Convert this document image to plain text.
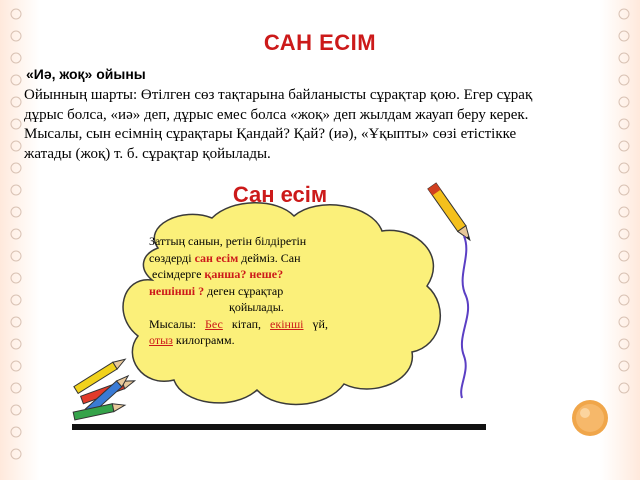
САН ЕСІМ
«Иә, жоқ» ойыны
Ойынның шарты: Өтілген сөз тақтарына байланысты сұрақтар қою. Егер сұрақ
дұрыс болса, «иә» деп, дұрыс емес болса «жоқ» деп жылдам жауап беру керек.
Мысалы, сын есімнің сұрақтары Қандай? Қай? (иә), «Ұқыпты» сөзі етістікке
жатады (жоқ) т. б. сұрақтар қойылады.
Сан есім
Заттың санын, ретін білдіретін
сөздерді сан есім дейміз. Сан
есімдерге қанша? неше?
нешінші ? деген сұрақтар
қойылады.
Мысалы: Бес кітап, екінші үй,
отыз килограмм.
